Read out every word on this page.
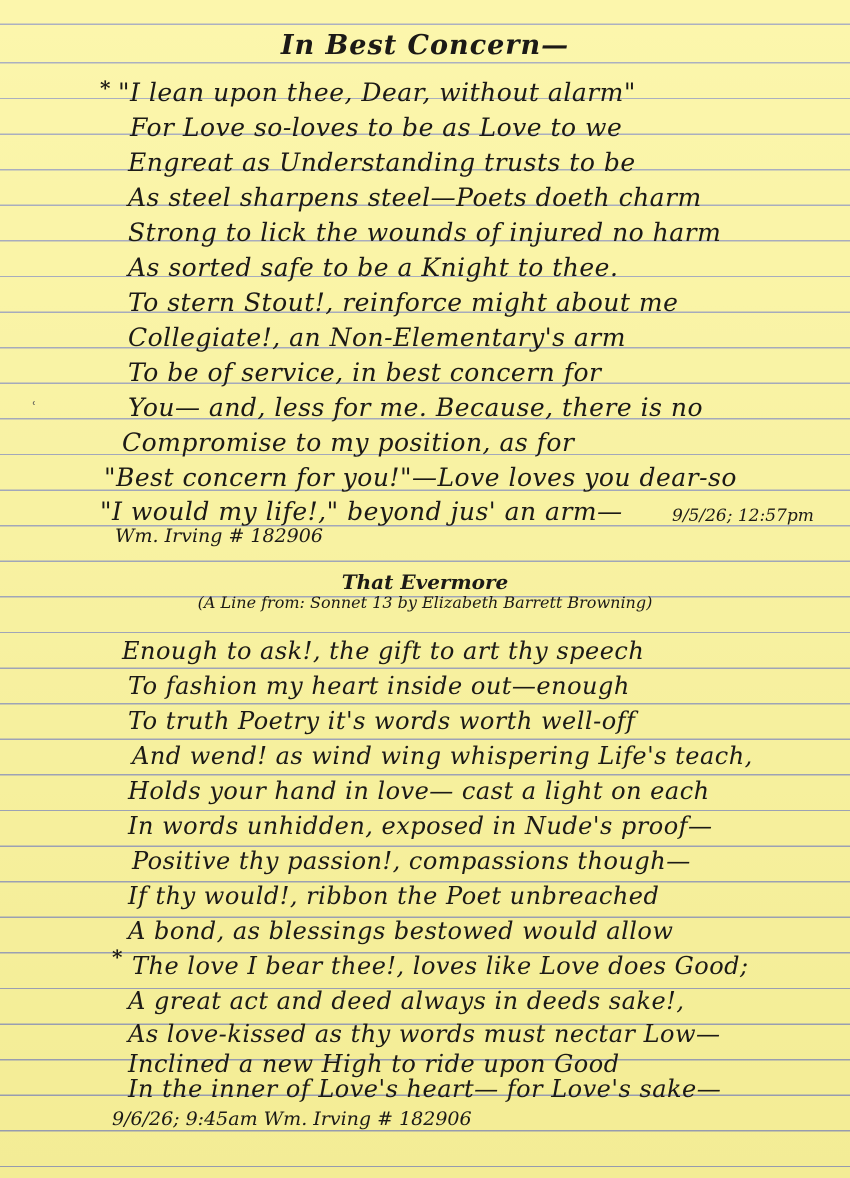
In Best Concern—
* "I lean upon thee, Dear, without alarm"
For Love so-loves to be as Love to we
Engreat as Understanding trusts to be
As steel sharpens steel—Poets doeth charm
Strong to lick the wounds of injured no harm
As sorted safe to be a Knight to thee.
To stern Stout!, reinforce might about me
Collegiate!, an Non-Elementary's arm
To be of service, in best concern for
ʿ	You— and, less for me. Because, there is no
Compromise to my position, as for
"Best concern for you!"—Love loves you dear-so
"I would my life!," beyond jus' an arm—	9/5/26; 12:57pm
Wm. Irving # 182906
That Evermore
(A Line from: Sonnet 13 by Elizabeth Barrett Browning)
Enough to ask!, the gift to art thy speech
To fashion my heart inside out—enough
To truth Poetry it's words worth well-off
And wend! as wind wing whispering Life's teach,
Holds your hand in love— cast a light on each
In words unhidden, exposed in Nude's proof—
Positive thy passion!, compassions though—
If thy would!, ribbon the Poet unbreached
A bond, as blessings bestowed would allow
* The love I bear thee!, loves like Love does Good;
A great act and deed always in deeds sake!,
As love-kissed as thy words must nectar Low—
Inclined a new High to ride upon Good
In the inner of Love's heart— for Love's sake—
9/6/26; 9:45am Wm. Irving # 182906
